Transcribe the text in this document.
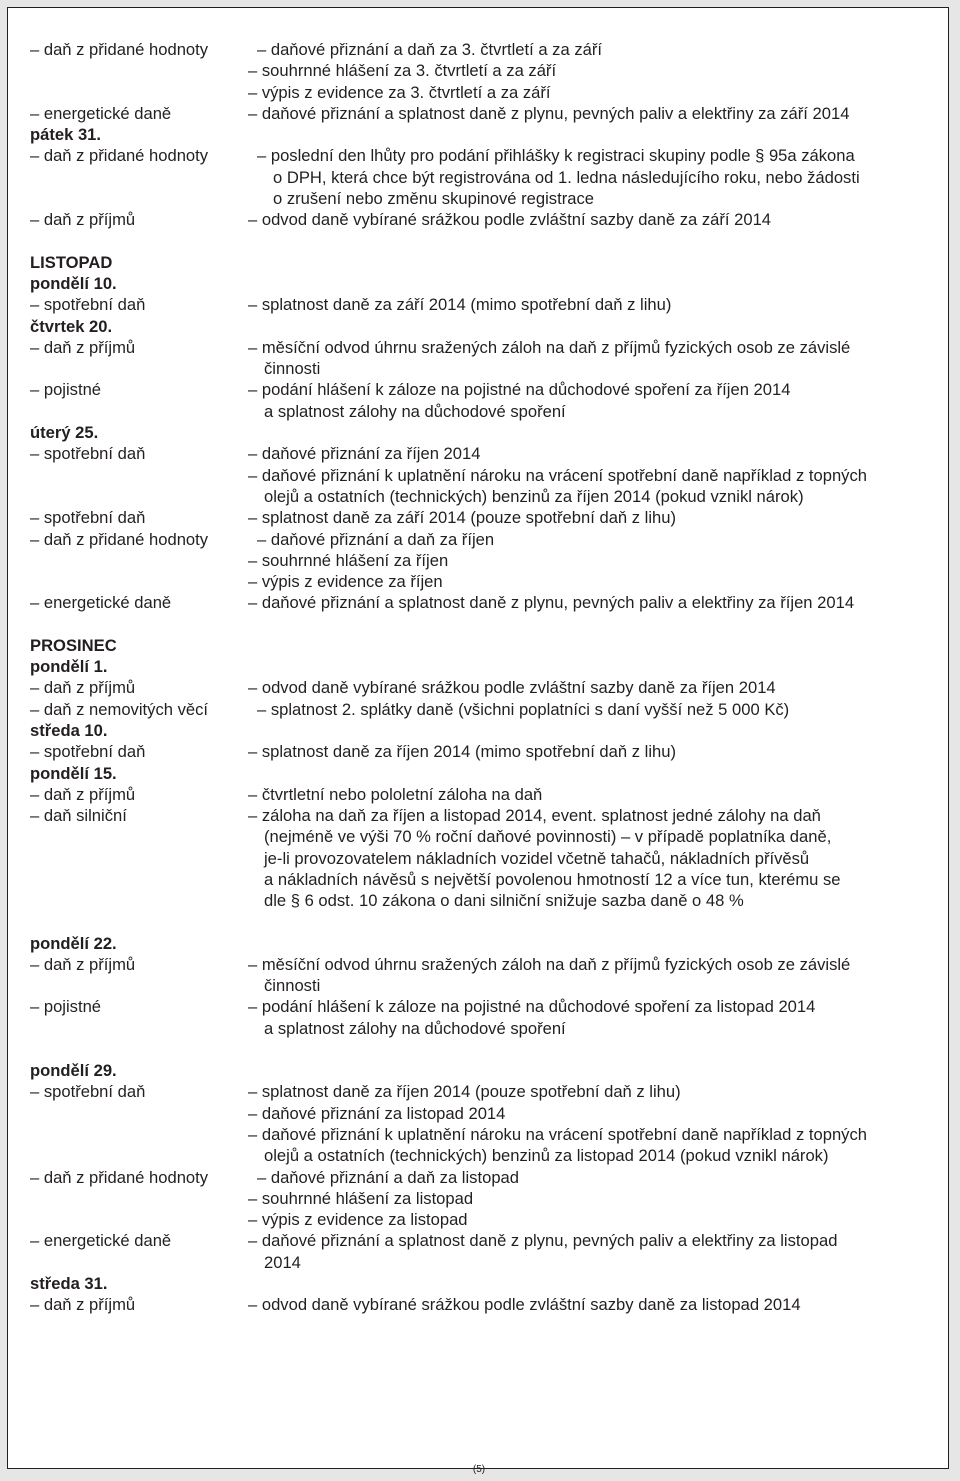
– daň z přidané hodnoty	– daňové přiznání a daň za 3. čtvrtletí a za září
– souhrnné hlášení za 3. čtvrtletí a za září
– výpis z evidence za 3. čtvrtletí a za září
– energetické daně	– daňové přiznání a splatnost daně z plynu, pevných paliv a elektřiny za září 2014
pátek 31.
– daň z přidané hodnoty	– poslední den lhůty pro podání přihlášky k registraci skupiny podle § 95a zákona
o DPH, která chce být registrována od 1. ledna následujícího roku, nebo žádosti
o zrušení nebo změnu skupinové registrace
– daň z příjmů	– odvod daně vybírané srážkou podle zvláštní sazby daně za září 2014
LISTOPAD
pondělí 10.
– spotřební daň	– splatnost daně za září 2014 (mimo spotřební daň z lihu)
čtvrtek 20.
– daň z příjmů	– měsíční odvod úhrnu sražených záloh na daň z příjmů fyzických osob ze závislé
činnosti
– pojistné	– podání hlášení k záloze na pojistné na důchodové spoření za říjen 2014
a splatnost zálohy na důchodové spoření
úterý 25.
– spotřební daň	– daňové přiznání za říjen 2014
– daňové přiznání k uplatnění nároku na vrácení spotřební daně například z topných
olejů a ostatních (technických) benzinů za říjen 2014 (pokud vznikl nárok)
– spotřební daň	– splatnost daně za září 2014 (pouze spotřební daň z lihu)
– daň z přidané hodnoty	– daňové přiznání a daň za říjen
– souhrnné hlášení za říjen
– výpis z evidence za říjen
– energetické daně	– daňové přiznání a splatnost daně z plynu, pevných paliv a elektřiny za říjen 2014
PROSINEC
pondělí 1.
– daň z příjmů	– odvod daně vybírané srážkou podle zvláštní sazby daně za říjen 2014
– daň z nemovitých věcí	– splatnost 2. splátky daně (všichni poplatníci s daní vyšší než 5 000 Kč)
středa 10.
– spotřební daň	– splatnost daně za říjen 2014 (mimo spotřební daň z lihu)
pondělí 15.
– daň z příjmů	– čtvrtletní nebo pololetní záloha na daň
– daň silniční	– záloha na daň za říjen a listopad 2014, event. splatnost jedné zálohy na daň
(nejméně ve výši 70 % roční daňové povinnosti) – v případě poplatníka daně,
je-li provozovatelem nákladních vozidel včetně tahačů, nákladních přívěsů
a nákladních návěsů s největší povolenou hmotností 12 a více tun, kterému se
dle § 6 odst. 10 zákona o dani silniční snižuje sazba daně o 48 %
pondělí 22.
– daň z příjmů	– měsíční odvod úhrnu sražených záloh na daň z příjmů fyzických osob ze závislé
činnosti
– pojistné	– podání hlášení k záloze na pojistné na důchodové spoření za listopad 2014
a splatnost zálohy na důchodové spoření
pondělí 29.
– spotřební daň	– splatnost daně za říjen 2014 (pouze spotřební daň z lihu)
– daňové přiznání za listopad 2014
– daňové přiznání k uplatnění nároku na vrácení spotřební daně například z topných
olejů a ostatních (technických) benzinů za listopad 2014 (pokud vznikl nárok)
– daň z přidané hodnoty	– daňové přiznání a daň za listopad
– souhrnné hlášení za listopad
– výpis z evidence za listopad
– energetické daně	– daňové přiznání a splatnost daně z plynu, pevných paliv a elektřiny za listopad
2014
středa 31.
– daň z příjmů	– odvod daně vybírané srážkou podle zvláštní sazby daně za listopad 2014
(5)
